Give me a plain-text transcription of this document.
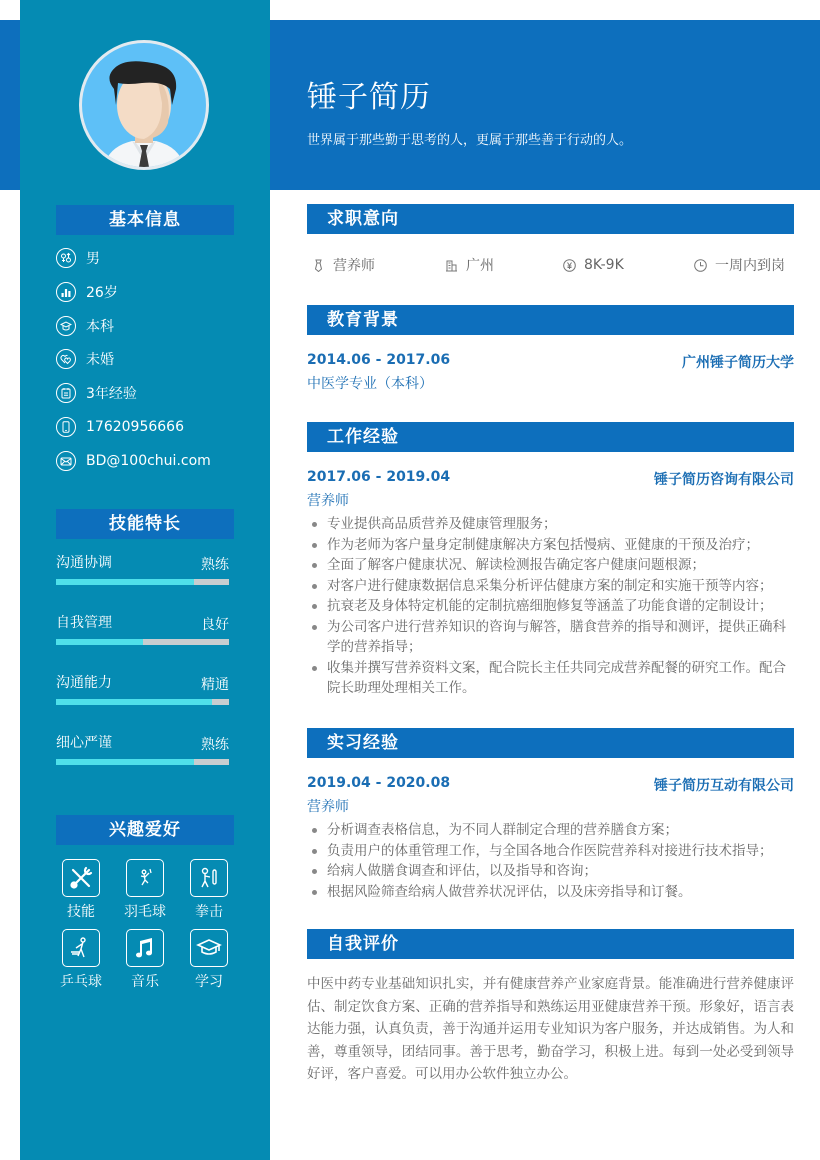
锤子简历
世界属于那些勤于思考的人，更属于那些善于行动的人。
基本信息
男
26岁
本科
未婚
3年经验
17620956666
BD@100chui.com
技能特长
沟通协调	熟练
自我管理	良好
沟通能力	精通
细心严谨	熟练
兴趣爱好
技能	羽毛球	拳击
乒乓球	音乐	学习
求职意向
营养师	广州	8K-9K	一周内到岗
教育背景
2014.06 - 2017.06	广州锤子简历大学
中医学专业（本科）
工作经验
2017.06 - 2019.04	锤子简历咨询有限公司
营养师
专业提供高品质营养及健康管理服务；
作为老师为客户量身定制健康解决方案包括慢病、亚健康的干预及治疗；
全面了解客户健康状况、解读检测报告确定客户健康问题根源；
对客户进行健康数据信息采集分析评估健康方案的制定和实施干预等内容；
抗衰老及身体特定机能的定制抗癌细胞修复等涵盖了功能食谱的定制设计；
为公司客户进行营养知识的咨询与解答，膳食营养的指导和测评，提供正确科学的营养指导；
收集并撰写营养资料文案，配合院长主任共同完成营养配餐的研究工作。配合院长助理处理相关工作。
实习经验
2019.04 - 2020.08	锤子简历互动有限公司
营养师
分析调查表格信息，为不同人群制定合理的营养膳食方案；
负责用户的体重管理工作，与全国各地合作医院营养科对接进行技术指导；
给病人做膳食调查和评估，以及指导和咨询；
根据风险筛查给病人做营养状况评估，以及床旁指导和订餐。
自我评价
中医中药专业基础知识扎实，并有健康营养产业家庭背景。能准确进行营养健康评估、制定饮食方案、正确的营养指导和熟练运用亚健康营养干预。形象好，语言表达能力强，认真负责，善于沟通并运用专业知识为客户服务，并达成销售。为人和善，尊重领导，团结同事。善于思考，勤奋学习，积极上进。每到一处必受到领导好评，客户喜爱。可以用办公软件独立办公。
